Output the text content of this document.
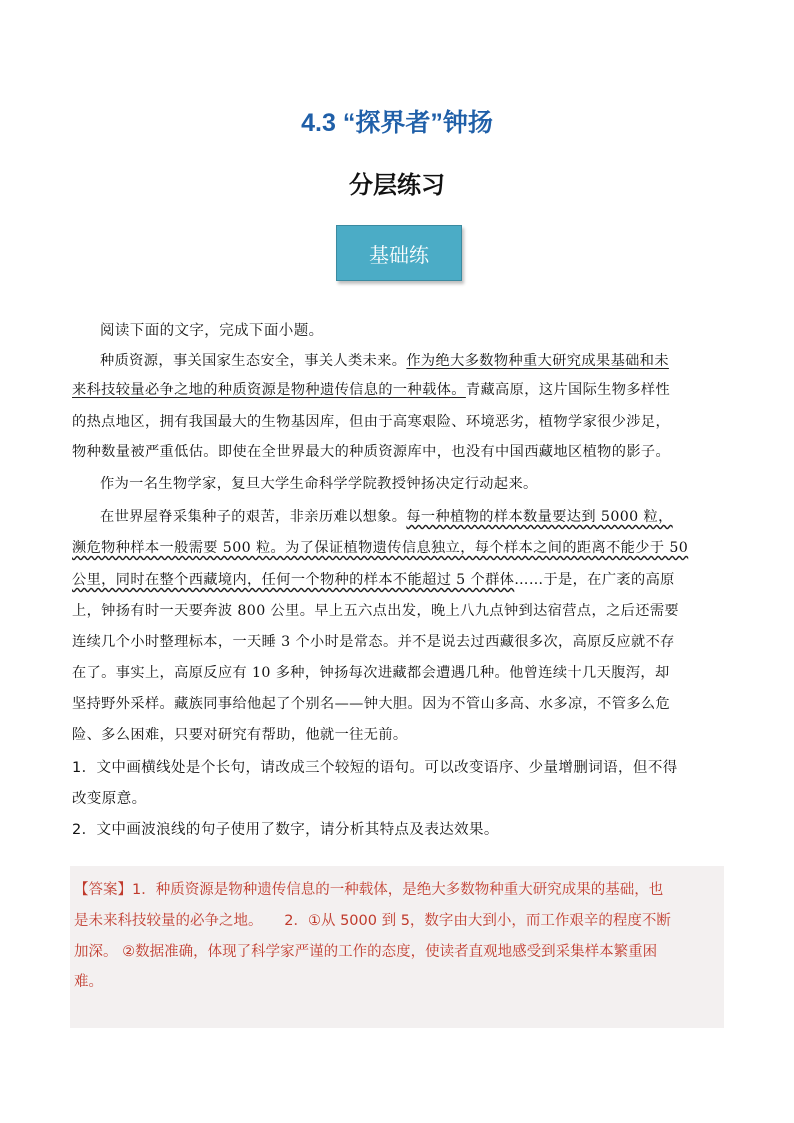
4.3 “探界者”钟扬
分层练习
基础练
阅读下面的文字，完成下面小题。
种质资源，事关国家生态安全，事关人类未来。作为绝大多数物种重大研究成果基础和未
来科技较量必争之地的种质资源是物种遗传信息的一种载体。青藏高原，这片国际生物多样性
的热点地区，拥有我国最大的生物基因库，但由于高寒艰险、环境恶劣，植物学家很少涉足，
物种数量被严重低估。即使在全世界最大的种质资源库中，也没有中国西藏地区植物的影子。
作为一名生物学家，复旦大学生命科学学院教授钟扬决定行动起来。
在世界屋脊采集种子的艰苦，非亲历难以想象。每一种植物的样本数量要达到 5000 粒，
濒危物种样本一般需要 500 粒。为了保证植物遗传信息独立，每个样本之间的距离不能少于 50
公里，同时在整个西藏境内，任何一个物种的样本不能超过 5 个群体……于是，在广袤的高原
上，钟扬有时一天要奔波 800 公里。早上五六点出发，晚上八九点钟到达宿营点，之后还需要
连续几个小时整理标本，一天睡 3 个小时是常态。并不是说去过西藏很多次，高原反应就不存
在了。事实上，高原反应有 10 多种，钟扬每次进藏都会遭遇几种。他曾连续十几天腹泻，却
坚持野外采样。藏族同事给他起了个别名——钟大胆。因为不管山多高、水多凉，不管多么危
险、多么困难，只要对研究有帮助，他就一往无前。
1．文中画横线处是个长句，请改成三个较短的语句。可以改变语序、少量增删词语，但不得
改变原意。
2．文中画波浪线的句子使用了数字，请分析其特点及表达效果。
【答案】1．种质资源是物种遗传信息的一种载体，是绝大多数物种重大研究成果的基础，也
是未来科技较量的必争之地。　　2．①从 5000 到 5，数字由大到小，而工作艰辛的程度不断
加深。 ②数据准确，体现了科学家严谨的工作的态度，使读者直观地感受到采集样本繁重困
难。
